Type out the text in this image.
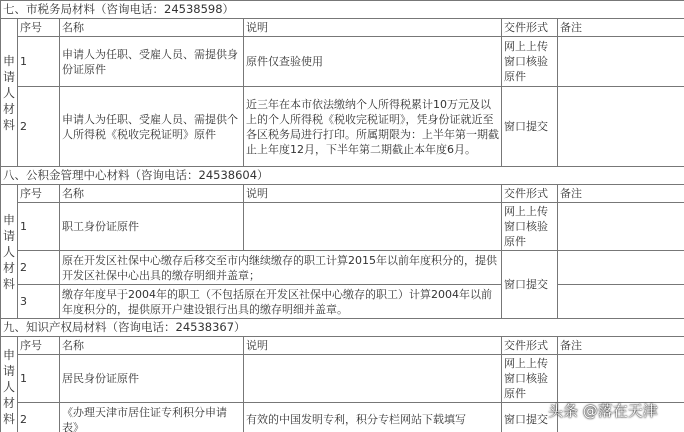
七、市税务局材料（咨询电话：24538598）					
申请人材料	序号	名称	说明	交件形式	备注
	1	申请人为任职、受雇人员、需提供身份证原件	原件仅查验使用	网上上传窗口核验原件	
	2	申请人为任职、受雇人员、需提供个人所得税《税收完税证明》原件	近三年在本市依法缴纳个人所得税累计10万元及以上的个人所得税《税收完税证明》，凭身份证就近至各区税务局进行打印。所属期限为：上半年第一期截止上年度12月，下半年第二期截止本年度6月。	窗口提交	
八、公积金管理中心材料（咨询电话：24538604）					
申请人材料	序号	名称	说明	交件形式	备注
	1	职工身份证原件		网上上传窗口核验原件	
	2	原在开发区社保中心缴存后移交至市内继续缴存的职工计算2015年以前年度积分的，提供开发区社保中心出具的缴存明细并盖章；		窗口提交	
	3	缴存年度早于2004年的职工（不包括原在开发区社保中心缴存的职工）计算2004年以前年度积分的，提供原开户建设银行出具的缴存明细并盖章。			
九、知识产权局材料（咨询电话：24538367）					
申请人材料	序号	名称	说明	交件形式	备注
	1	居民身份证原件		网上上传窗口核验原件	
	2	《办理天津市居住证专利积分申请表》	有效的中国发明专利，积分专栏网站下载填写	窗口提交	头条 @落在天津
